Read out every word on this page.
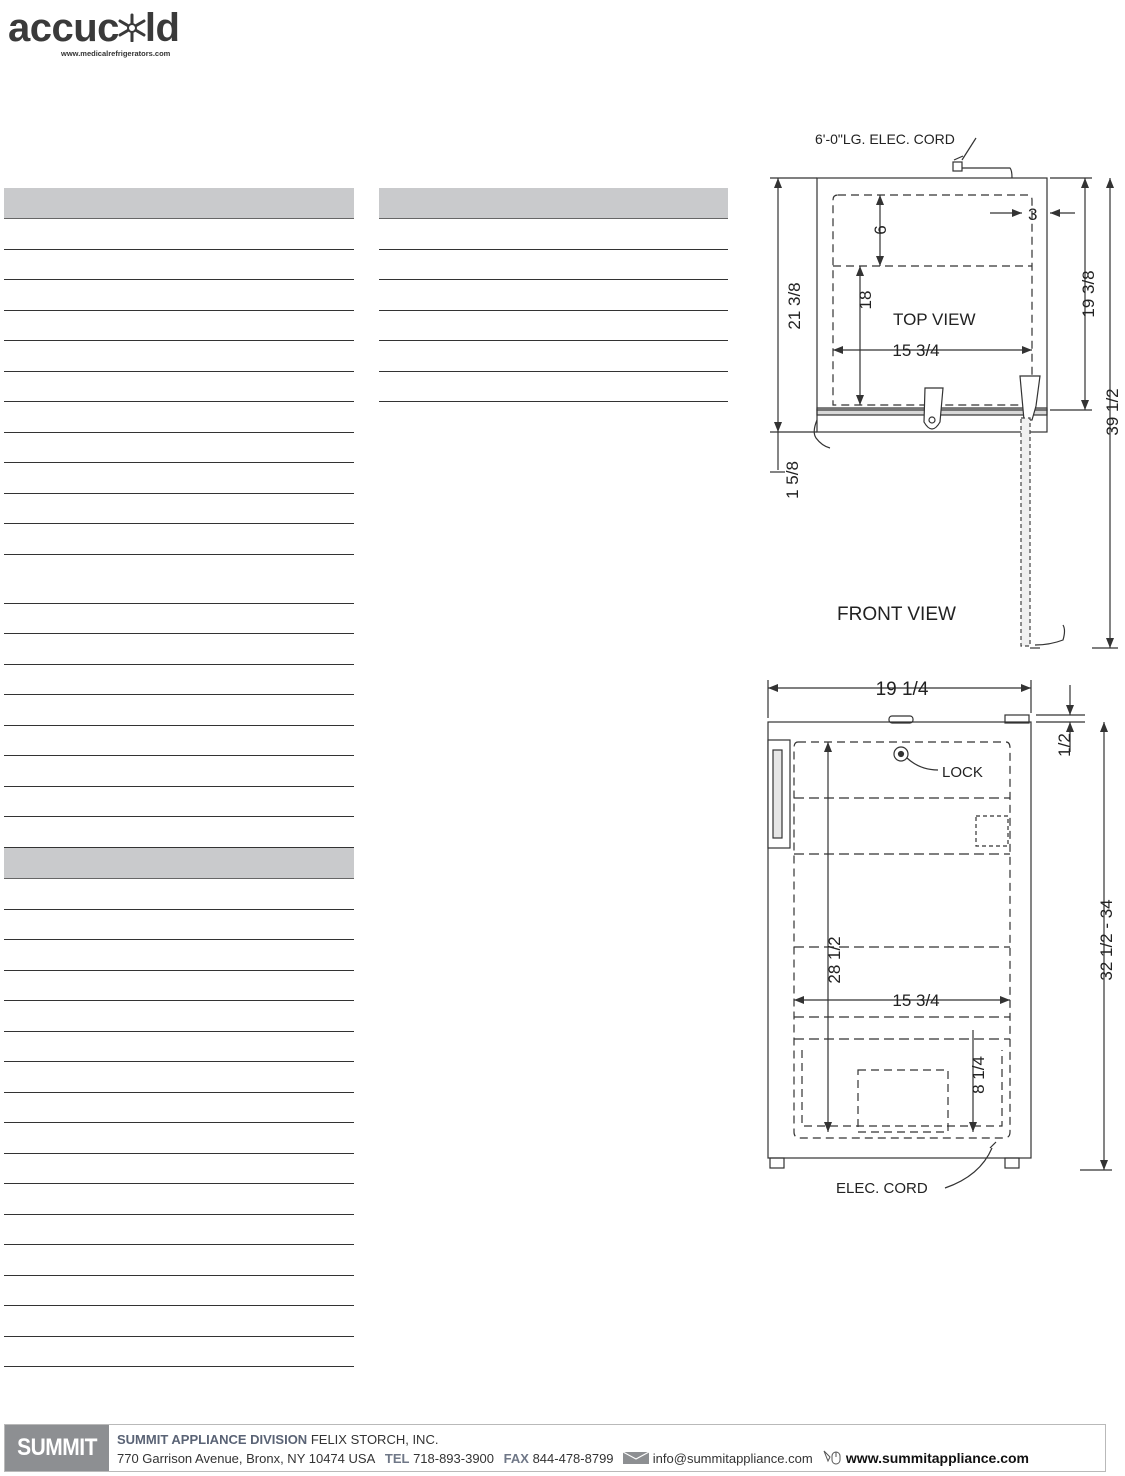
accuc ld
www.medicalrefrigerators.com
6'-0"LG. ELEC. CORD
TOP VIEW
FRONT VIEW
LOCK
ELEC. CORD
21 3/8	19 3/8
39 1/2
1 5/8
15 3/4
18
6
3
19 1/4
1/2
32 1/2 - 34
28 1/2
15 3/4
8 1/4
SUMMIT SUMMIT APPLIANCE DIVISION FELIX STORCH, INC.
770 Garrison Avenue, Bronx, NY 10474 USA TEL 718-893-3900 FAX 844-478-8799	info@summitappliance.com www.summitappliance.com
